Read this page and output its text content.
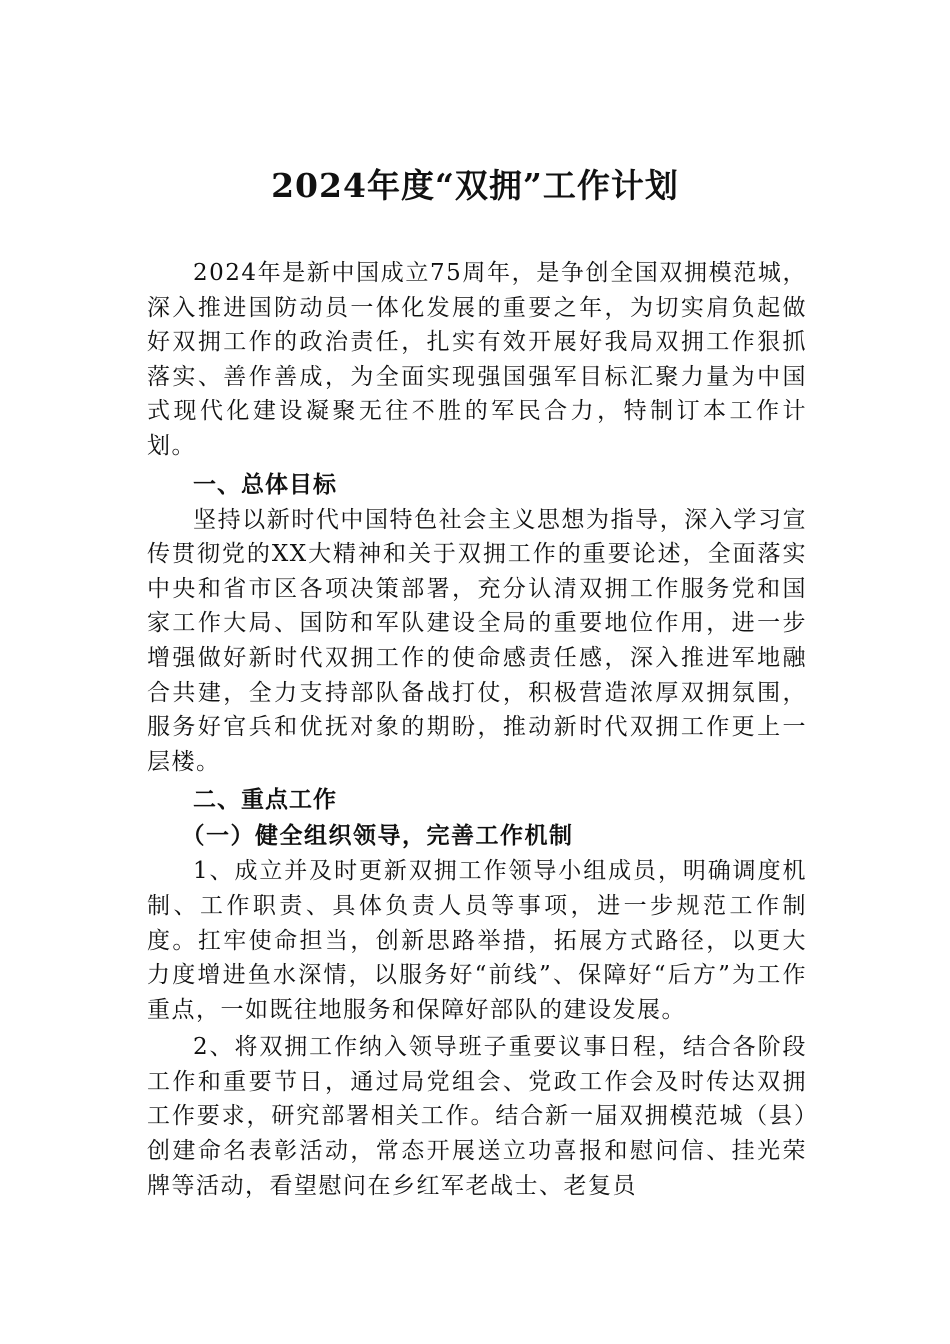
2024年度“双拥”工作计划

2024年是新中国成立75周年，是争创全国双拥模范城，深入推进国防动员一体化发展的重要之年，为切实肩负起做好双拥工作的政治责任，扎实有效开展好我局双拥工作狠抓落实、善作善成，为全面实现强国强军目标汇聚力量为中国式现代化建设凝聚无往不胜的军民合力，特制订本工作计划。

一、总体目标

坚持以新时代中国特色社会主义思想为指导，深入学习宣传贯彻党的XX大精神和关于双拥工作的重要论述，全面落实中央和省市区各项决策部署，充分认清双拥工作服务党和国家工作大局、国防和军队建设全局的重要地位作用，进一步增强做好新时代双拥工作的使命感责任感，深入推进军地融合共建，全力支持部队备战打仗，积极营造浓厚双拥氛围，服务好官兵和优抚对象的期盼，推动新时代双拥工作更上一层楼。

二、重点工作

（一）健全组织领导，完善工作机制

1、成立并及时更新双拥工作领导小组成员，明确调度机制、工作职责、具体负责人员等事项，进一步规范工作制度。扛牢使命担当，创新思路举措，拓展方式路径，以更大力度增进鱼水深情，以服务好“前线”、保障好“后方”为工作重点，一如既往地服务和保障好部队的建设发展。

2、将双拥工作纳入领导班子重要议事日程，结合各阶段工作和重要节日，通过局党组会、党政工作会及时传达双拥工作要求，研究部署相关工作。结合新一届双拥模范城（县）创建命名表彰活动，常态开展送立功喜报和慰问信、挂光荣牌等活动，看望慰问在乡红军老战士、老复员
